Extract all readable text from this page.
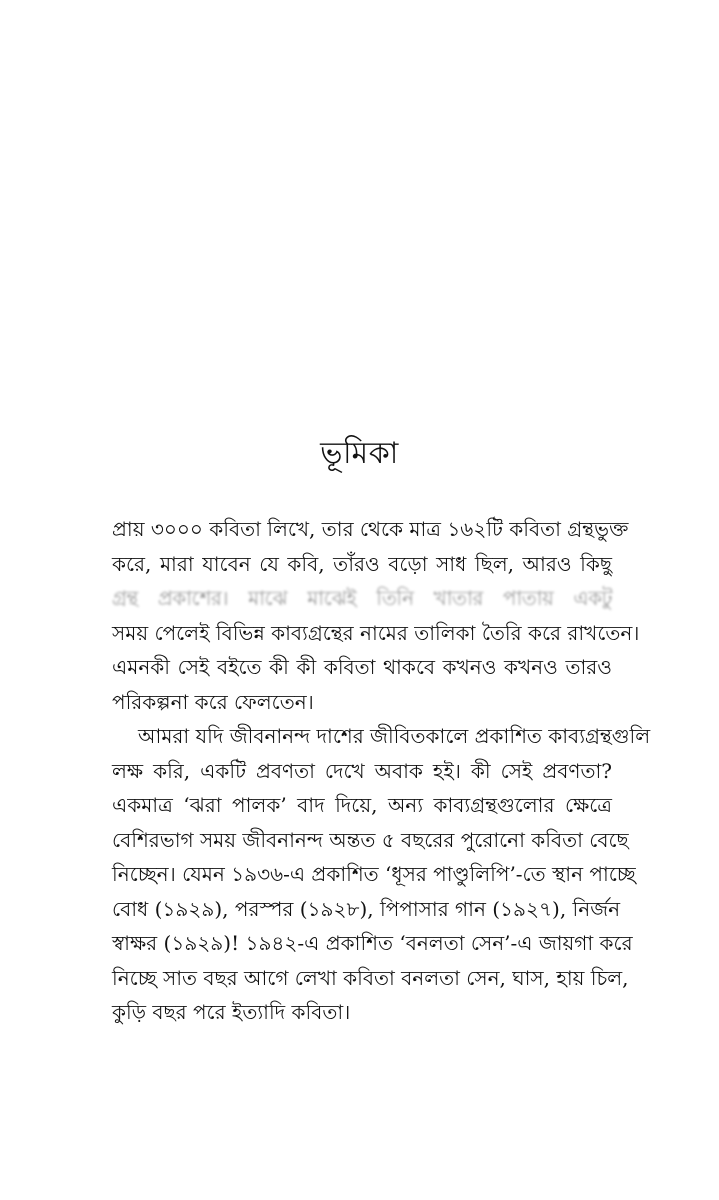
ভূমিকা
প্রায় ৩০০০ কবিতা লিখে, তার থেকে মাত্র ১৬২টি কবিতা গ্রন্থভুক্ত
করে, মারা যাবেন যে কবি, তাঁরও বড়ো সাধ ছিল, আরও কিছু
গ্রন্থ প্রকাশের। মাঝে মাঝেই তিনি খাতার পাতায় একটু
সময় পেলেই বিভিন্ন কাব্যগ্রন্থের নামের তালিকা তৈরি করে রাখতেন।
এমনকী সেই বইতে কী কী কবিতা থাকবে কখনও কখনও তারও
পরিকল্পনা করে ফেলতেন।
আমরা যদি জীবনানন্দ দাশের জীবিতকালে প্রকাশিত কাব্যগ্রন্থগুলি
লক্ষ করি, একটি প্রবণতা দেখে অবাক হই। কী সেই প্রবণতা?
একমাত্র ‘ঝরা পালক’ বাদ দিয়ে, অন্য কাব্যগ্রন্থগুলোর ক্ষেত্রে
বেশিরভাগ সময় জীবনানন্দ অন্তত ৫ বছরের পুরোনো কবিতা বেছে
নিচ্ছেন। যেমন ১৯৩৬-এ প্রকাশিত ‘ধূসর পাণ্ডুলিপি’-তে স্থান পাচ্ছে
বোধ (১৯২৯), পরস্পর (১৯২৮), পিপাসার গান (১৯২৭), নির্জন
স্বাক্ষর (১৯২৯)! ১৯৪২-এ প্রকাশিত ‘বনলতা সেন’-এ জায়গা করে
নিচ্ছে সাত বছর আগে লেখা কবিতা বনলতা সেন, ঘাস, হায় চিল,
কুড়ি বছর পরে ইত্যাদি কবিতা।
